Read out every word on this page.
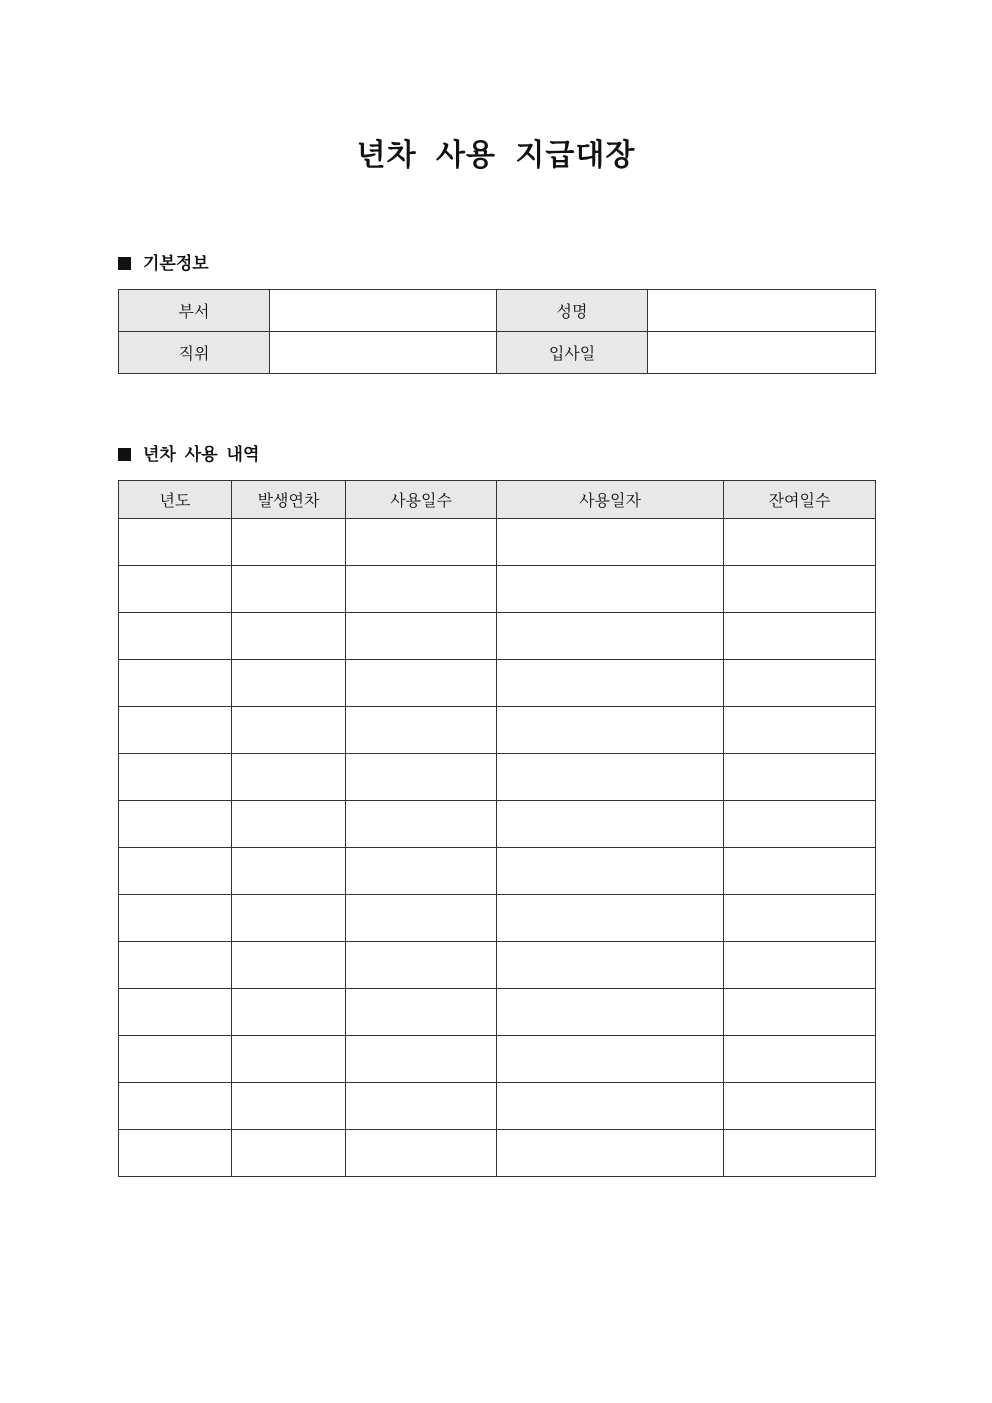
년차 사용 지급대장
기본정보
부서		성명	
직위		입사일	
년차 사용 내역
년도	발생연차	사용일수	사용일자	잔여일수
